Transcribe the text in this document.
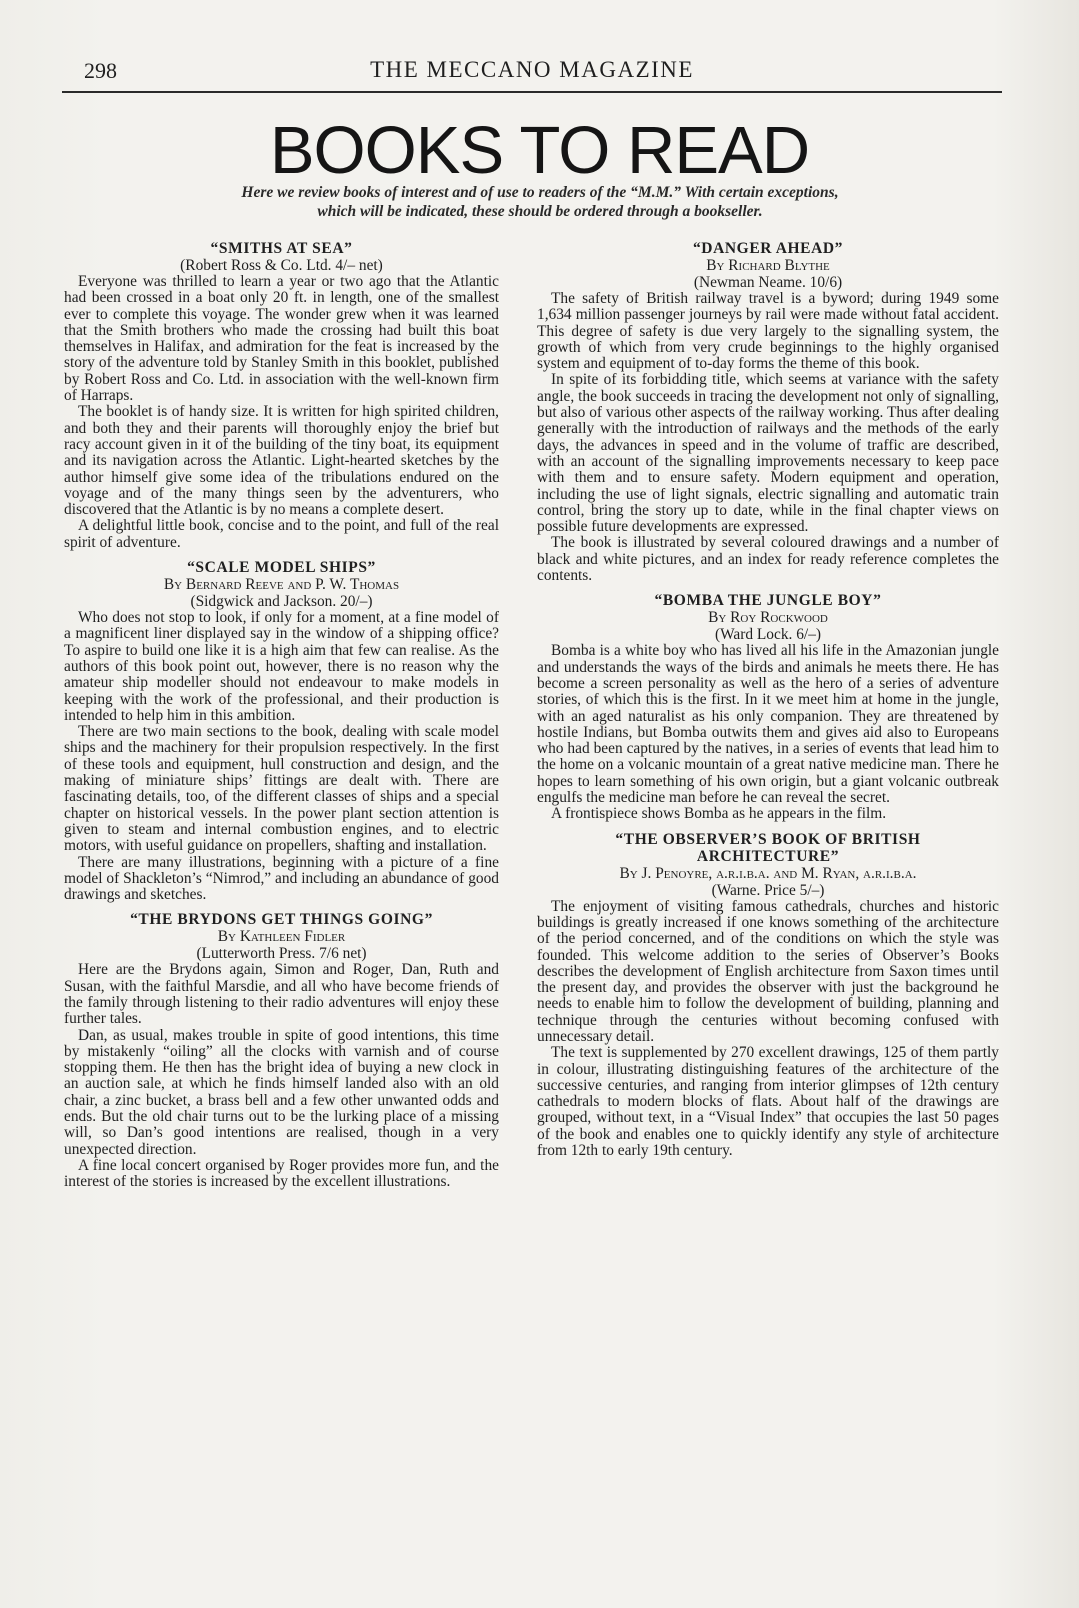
298	THE MECCANO MAGAZINE
BOOKS TO READ
Here we review books of interest and of use to readers of the “M.M.” With certain exceptions,
which will be indicated, these should be ordered through a bookseller.
“SMITHS AT SEA”
(Robert Ross & Co. Ltd. 4/– net)

Everyone was thrilled to learn a year or two ago that the Atlantic had been crossed in a boat only 20 ft. in length, one of the smallest ever to complete this voyage. The wonder grew when it was learned that the Smith brothers who made the crossing had built this boat themselves in Halifax, and admiration for the feat is increased by the story of the adventure told by Stanley Smith in this booklet, published by Robert Ross and Co. Ltd. in association with the well-known firm of Harraps.

The booklet is of handy size. It is written for high spirited children, and both they and their parents will thoroughly enjoy the brief but racy account given in it of the building of the tiny boat, its equipment and its navigation across the Atlantic. Light-hearted sketches by the author himself give some idea of the tribulations endured on the voyage and of the many things seen by the adventurers, who discovered that the Atlantic is by no means a complete desert.

A delightful little book, concise and to the point, and full of the real spirit of adventure.

“SCALE MODEL SHIPS”
By Bernard Reeve and P. W. Thomas
(Sidgwick and Jackson. 20/–)

Who does not stop to look, if only for a moment, at a fine model of a magnificent liner displayed say in the window of a shipping office? To aspire to build one like it is a high aim that few can realise. As the authors of this book point out, however, there is no reason why the amateur ship modeller should not endeavour to make models in keeping with the work of the professional, and their production is intended to help him in this ambition.

There are two main sections to the book, dealing with scale model ships and the machinery for their propulsion respectively. In the first of these tools and equipment, hull construction and design, and the making of miniature ships’ fittings are dealt with. There are fascinating details, too, of the different classes of ships and a special chapter on historical vessels. In the power plant section attention is given to steam and internal combustion engines, and to electric motors, with useful guidance on propellers, shafting and installation.

There are many illustrations, beginning with a picture of a fine model of Shackleton’s “Nimrod,” and including an abundance of good drawings and sketches.

“THE BRYDONS GET THINGS GOING”
By Kathleen Fidler
(Lutterworth Press. 7/6 net)

Here are the Brydons again, Simon and Roger, Dan, Ruth and Susan, with the faithful Marsdie, and all who have become friends of the family through listening to their radio adventures will enjoy these further tales.

Dan, as usual, makes trouble in spite of good intentions, this time by mistakenly “oiling” all the clocks with varnish and of course stopping them. He then has the bright idea of buying a new clock in an auction sale, at which he finds himself landed also with an old chair, a zinc bucket, a brass bell and a few other unwanted odds and ends. But the old chair turns out to be the lurking place of a missing will, so Dan’s good intentions are realised, though in a very unexpected direction.

A fine local concert organised by Roger provides more fun, and the interest of the stories is increased by the excellent illustrations.

“DANGER AHEAD”
By Richard Blythe
(Newman Neame. 10/6)

The safety of British railway travel is a byword; during 1949 some 1,634 million passenger journeys by rail were made without fatal accident. This degree of safety is due very largely to the signalling system, the growth of which from very crude beginnings to the highly organised system and equipment of to-day forms the theme of this book.

In spite of its forbidding title, which seems at variance with the safety angle, the book succeeds in tracing the development not only of signalling, but also of various other aspects of the railway working. Thus after dealing generally with the introduction of railways and the methods of the early days, the advances in speed and in the volume of traffic are described, with an account of the signalling improvements necessary to keep pace with them and to ensure safety. Modern equipment and operation, including the use of light signals, electric signalling and automatic train control, bring the story up to date, while in the final chapter views on possible future developments are expressed.

The book is illustrated by several coloured drawings and a number of black and white pictures, and an index for ready reference completes the contents.

“BOMBA THE JUNGLE BOY”
By Roy Rockwood
(Ward Lock. 6/–)

Bomba is a white boy who has lived all his life in the Amazonian jungle and understands the ways of the birds and animals he meets there. He has become a screen personality as well as the hero of a series of adventure stories, of which this is the first. In it we meet him at home in the jungle, with an aged naturalist as his only companion. They are threatened by hostile Indians, but Bomba outwits them and gives aid also to Europeans who had been captured by the natives, in a series of events that lead him to the home on a volcanic mountain of a great native medicine man. There he hopes to learn something of his own origin, but a giant volcanic outbreak engulfs the medicine man before he can reveal the secret.

A frontispiece shows Bomba as he appears in the film.

“THE OBSERVER’S BOOK OF BRITISH ARCHITECTURE”
By J. Penoyre, a.r.i.b.a. and M. Ryan, a.r.i.b.a.
(Warne. Price 5/–)

The enjoyment of visiting famous cathedrals, churches and historic buildings is greatly increased if one knows something of the architecture of the period concerned, and of the conditions on which the style was founded. This welcome addition to the series of Observer’s Books describes the development of English architecture from Saxon times until the present day, and provides the observer with just the background he needs to enable him to follow the development of building, planning and technique through the centuries without becoming confused with unnecessary detail.

The text is supplemented by 270 excellent drawings, 125 of them partly in colour, illustrating distinguishing features of the architecture of the successive centuries, and ranging from interior glimpses of 12th century cathedrals to modern blocks of flats. About half of the drawings are grouped, without text, in a “Visual Index” that occupies the last 50 pages of the book and enables one to quickly identify any style of architecture from 12th to early 19th century.
